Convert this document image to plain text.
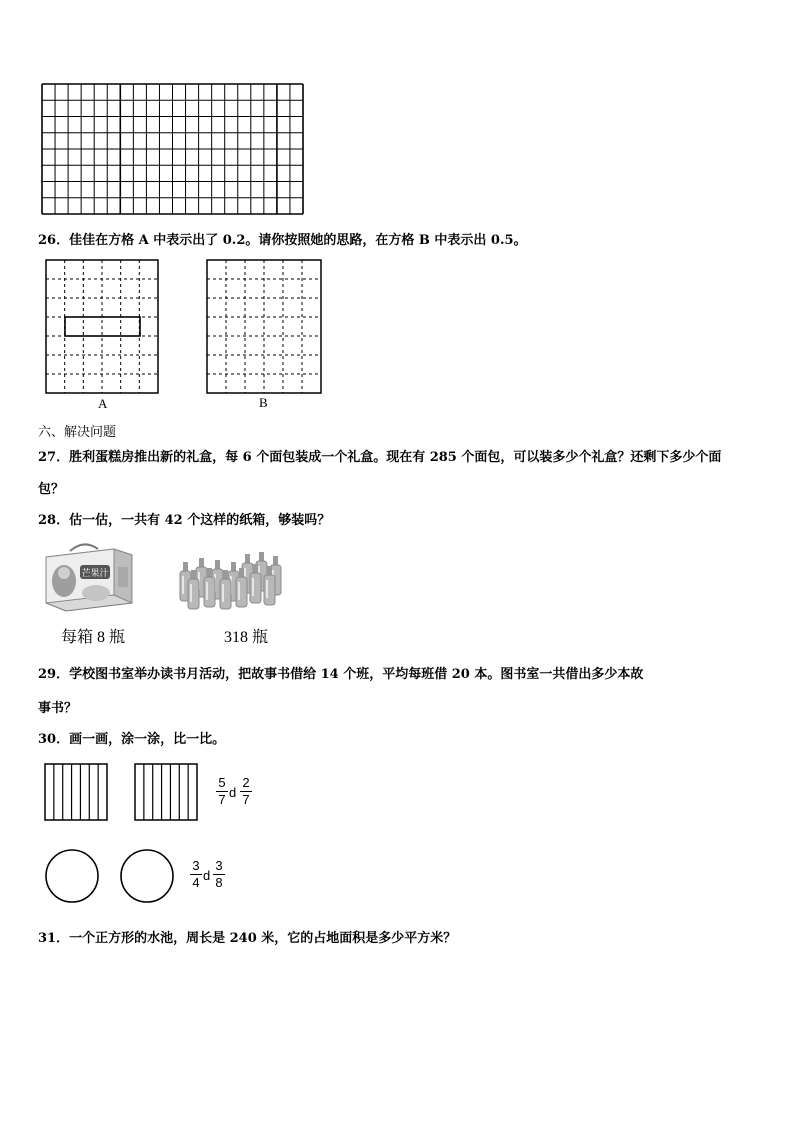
26．佳佳在方格 A 中表示出了 0.2。请你按照她的思路，在方格 B 中表示出 0.5。
A	B
六、解决问题
27．胜利蛋糕房推出新的礼盒，每 6 个面包装成一个礼盒。现在有 285 个面包，可以装多少个礼盒？还剩下多少个面
包？
28．估一估，一共有 42 个这样的纸箱，够装吗？
芒果汁
每箱 8 瓶	318 瓶
29．学校图书室举办读书月活动，把故事书借给 14 个班，平均每班借 20 本。图书室一共借出多少本故
事书？
30．画一画，涂一涂，比一比。
5
7 d
2
7
3
4 d
3
8
31．一个正方形的水池，周长是 240 米，它的占地面积是多少平方米？
